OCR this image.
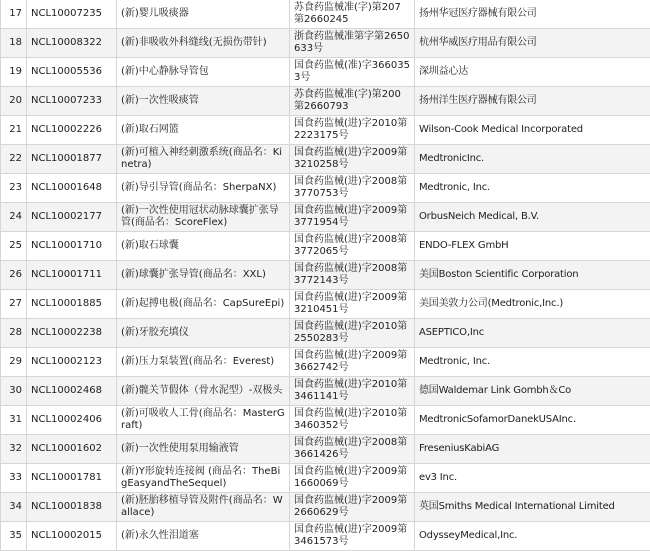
17	NCL10007235	(新)婴儿吸痰器	苏食药监械准(字)第207第2660245	扬州华冠医疗器械有限公司
18	NCL10008322	(新)非吸收外科缝线(无损伤带针)	浙食药监械准第字第2650633号	杭州华威医疗用品有限公司
19	NCL10005536	(新)中心静脉导管包	国食药监械(准)字3660353号	深圳益心达
20	NCL10007233	(新)一次性吸痰管	苏食药监械准(字)第200第2660793	扬州洋生医疗器械有限公司
21	NCL10002226	(新)取石网篮	国食药监械(进)字2010第2223175号	Wilson-Cook Medical Incorporated
22	NCL10001877	(新)可植入神经刺激系统(商品名：Kinetra)	国食药监械(进)字2009第3210258号	MedtronicInc.
23	NCL10001648	(新)导引导管(商品名：SherpaNX)	国食药监械(进)字2008第3770753号	Medtronic, Inc.
24	NCL10002177	(新)一次性使用冠状动脉球囊扩张导管(商品名：ScoreFlex)	国食药监械(进)字2009第3771954号	OrbusNeich Medical, B.V.
25	NCL10001710	(新)取石球囊	国食药监械(进)字2008第3772065号	ENDO-FLEX GmbH
26	NCL10001711	(新)球囊扩张导管(商品名：XXL)	国食药监械(进)字2008第3772143号	美国Boston Scientific Corporation
27	NCL10001885	(新)起搏电极(商品名：CapSureEpi)	国食药监械(进)字2009第3210451号	美国美敦力公司(Medtronic,Inc.)
28	NCL10002238	(新)牙胶充填仪	国食药监械(进)字2010第2550283号	ASEPTICO,Inc
29	NCL10002123	(新)压力泵装置(商品名：Everest)	国食药监械(进)字2009第3662742号	Medtronic, Inc.
30	NCL10002468	(新)髋关节假体（骨水泥型）-双极头	国食药监械(进)字2010第3461141号	德国Waldemar Link Gombh＆Co
31	NCL10002406	(新)可吸收人工骨(商品名：MasterGraft)	国食药监械(进)字2010第3460352号	MedtronicSofamorDanekUSAInc.
32	NCL10001602	(新)一次性使用泵用输液管	国食药监械(进)字2008第3661426号	FreseniusKabiAG
33	NCL10001781	(新)Y形旋转连接阀 (商品名：TheBigEasyandTheSequel)	国食药监械(进)字2009第1660069号	ev3 Inc.
34	NCL10001838	(新)胚胎移植导管及附件(商品名：Wallace)	国食药监械(进)字2009第2660629号	英国Smiths Medical International Limited
35	NCL10002015	(新)永久性泪道塞	国食药监械(进)字2009第3461573号	OdysseyMedical,Inc.
